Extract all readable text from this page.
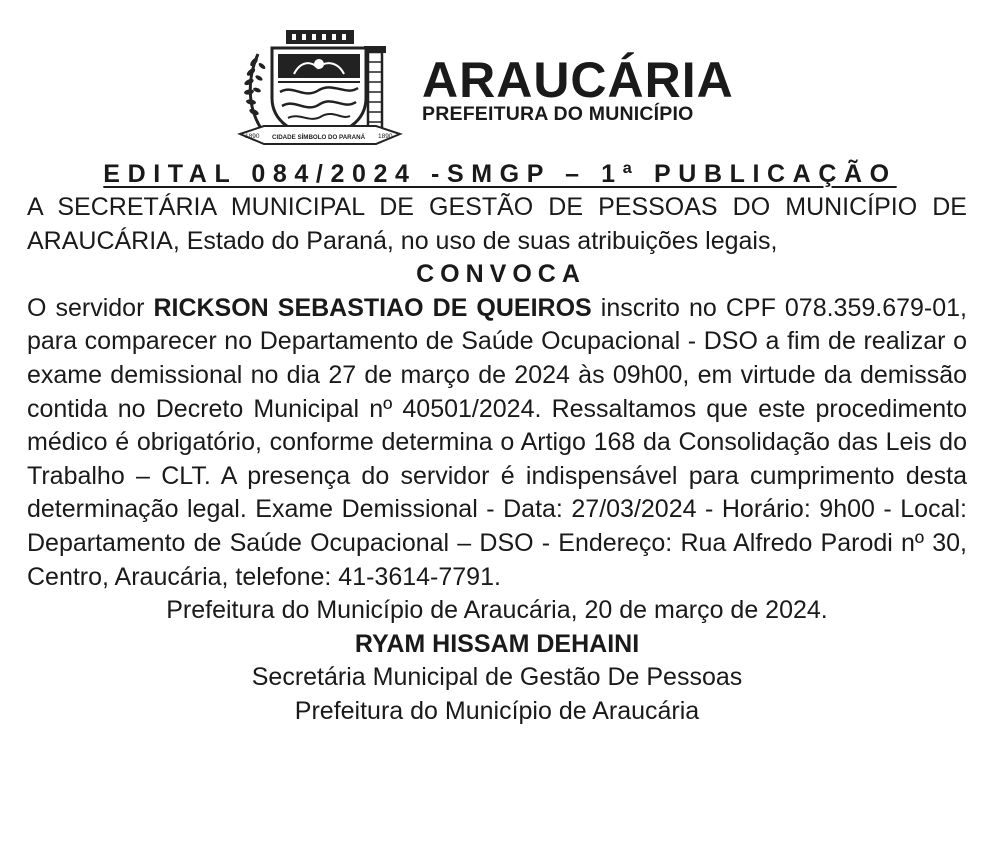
1890 CIDADE SÍMBOLO DO PARANÁ 1890
ARAUCÁRIA
PREFEITURA DO MUNICÍPIO
EDITAL 084/2024 -SMGP – 1ª PUBLICAÇÃO

A SECRETÁRIA MUNICIPAL DE GESTÃO DE PESSOAS DO MUNICÍPIO DE ARAUCÁRIA, Estado do Paraná, no uso de suas atribuições legais,

CONVOCA

O servidor RICKSON SEBASTIAO DE QUEIROS inscrito no CPF 078.359.679-01, para comparecer no Departamento de Saúde Ocupacional - DSO a fim de realizar o exame demissional no dia 27 de março de 2024 às 09h00, em virtude da demissão contida no Decreto Municipal nº 40501/2024. Ressaltamos que este procedimento médico é obrigatório, conforme determina o Artigo 168 da Consolidação das Leis do Trabalho – CLT. A presença do servidor é indispensável para cumprimento desta determinação legal. Exame Demissional - Data: 27/03/2024 - Horário: 9h00 - Local: Departamento de Saúde Ocupacional – DSO - Endereço: Rua Alfredo Parodi nº 30, Centro, Araucária, telefone: 41-3614-7791.

Prefeitura do Município de Araucária, 20 de março de 2024.

RYAM HISSAM DEHAINI

Secretária Municipal de Gestão De Pessoas

Prefeitura do Município de Araucária
